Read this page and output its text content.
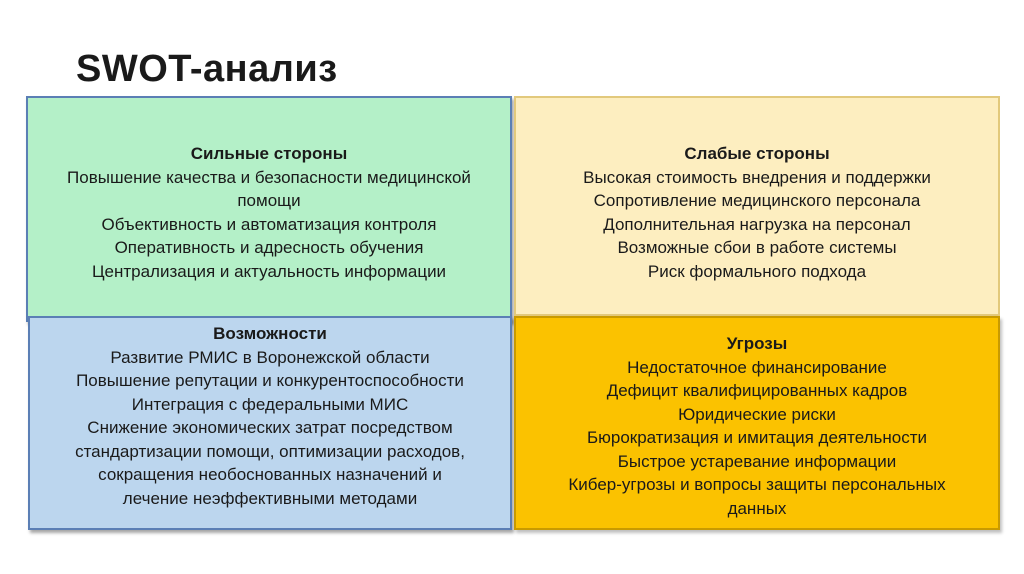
SWOT-анализ
Сильные стороны
Повышение качества и безопасности медицинской
помощи
Объективность и автоматизация контроля
Оперативность и адресность обучения
Централизация и актуальность информации
Слабые стороны
Высокая стоимость внедрения и поддержки
Сопротивление медицинского персонала
Дополнительная нагрузка на персонал
Возможные сбои в работе системы
Риск формального подхода
Возможности
Развитие РМИС в Воронежской области
Повышение репутации и конкурентоспособности
Интеграция с федеральными МИС
Снижение экономических затрат посредством
стандартизации помощи, оптимизации расходов,
сокращения необоснованных назначений и
лечение неэффективными методами
Угрозы
Недостаточное финансирование
Дефицит квалифицированных кадров
Юридические риски
Бюрократизация и имитация деятельности
Быстрое устаревание информации
Кибер-угрозы и вопросы защиты персональных
данных
